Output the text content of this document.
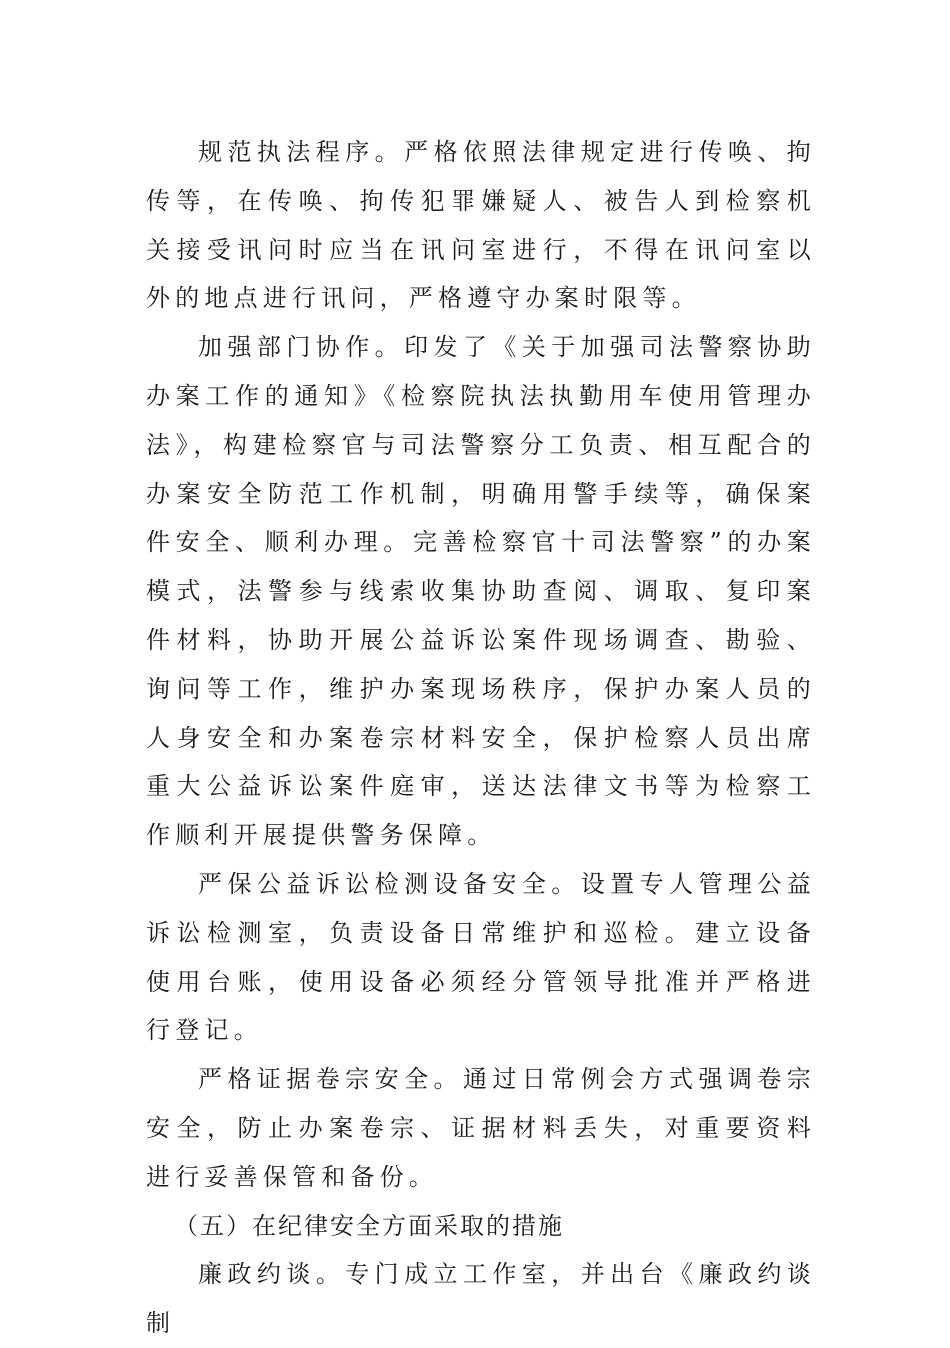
规范执法程序。严格依照法律规定进行传唤、拘传等，在传唤、拘传犯罪嫌疑人、被告人到检察机关接受讯问时应当在讯问室进行，不得在讯问室以外的地点进行讯问，严格遵守办案时限等。

加强部门协作。印发了《关于加强司法警察协助办案工作的通知》《检察院执法执勤用车使用管理办法》，构建检察官与司法警察分工负责、相互配合的办案安全防范工作机制，明确用警手续等，确保案件安全、顺利办理。完善检察官十司法警察”的办案模式，法警参与线索收集协助查阅、调取、复印案件材料，协助开展公益诉讼案件现场调查、勘验、询问等工作，维护办案现场秩序，保护办案人员的人身安全和办案卷宗材料安全，保护检察人员出席重大公益诉讼案件庭审，送达法律文书等为检察工作顺利开展提供警务保障。

严保公益诉讼检测设备安全。设置专人管理公益诉讼检测室，负责设备日常维护和巡检。建立设备使用台账，使用设备必须经分管领导批准并严格进行登记。

严格证据卷宗安全。通过日常例会方式强调卷宗安全，防止办案卷宗、证据材料丢失，对重要资料进行妥善保管和备份。

（五）在纪律安全方面采取的措施

廉政约谈。专门成立工作室，并出台《廉政约谈制
